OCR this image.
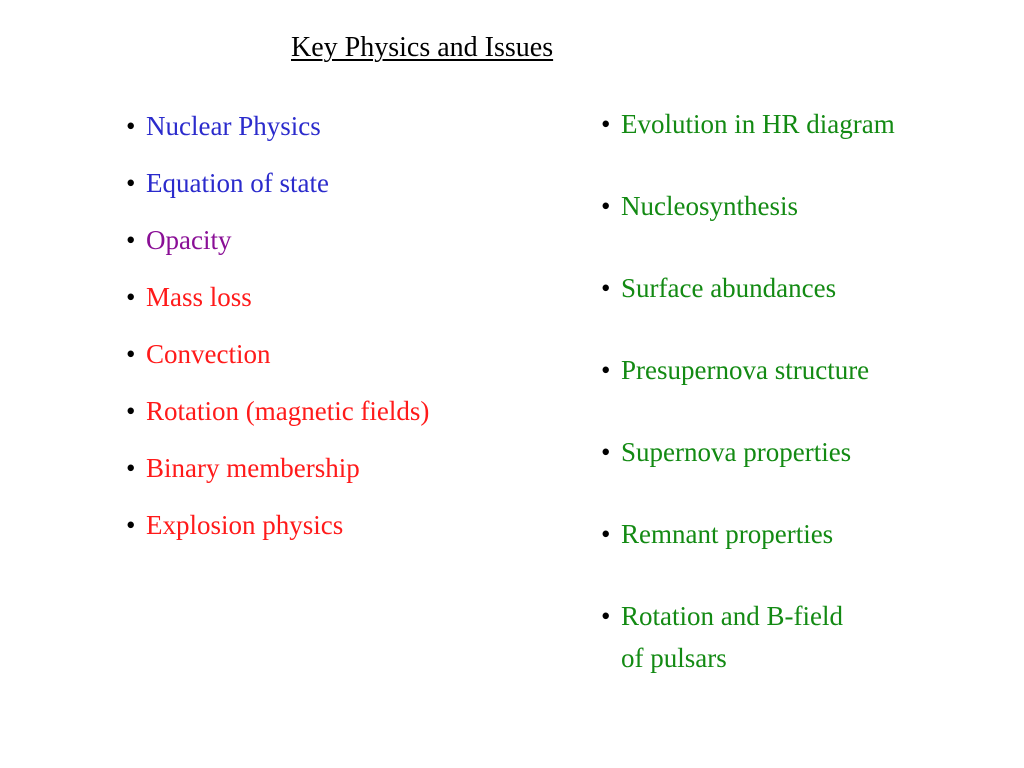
Key Physics and Issues
• Nuclear Physics
• Equation of state
• Opacity
• Mass loss
• Convection
• Rotation (magnetic fields)
• Binary membership
• Explosion physics
• Evolution in HR diagram
• Nucleosynthesis
• Surface abundances
• Presupernova structure
• Supernova properties
• Remnant properties
• Rotation and B-field
of pulsars
